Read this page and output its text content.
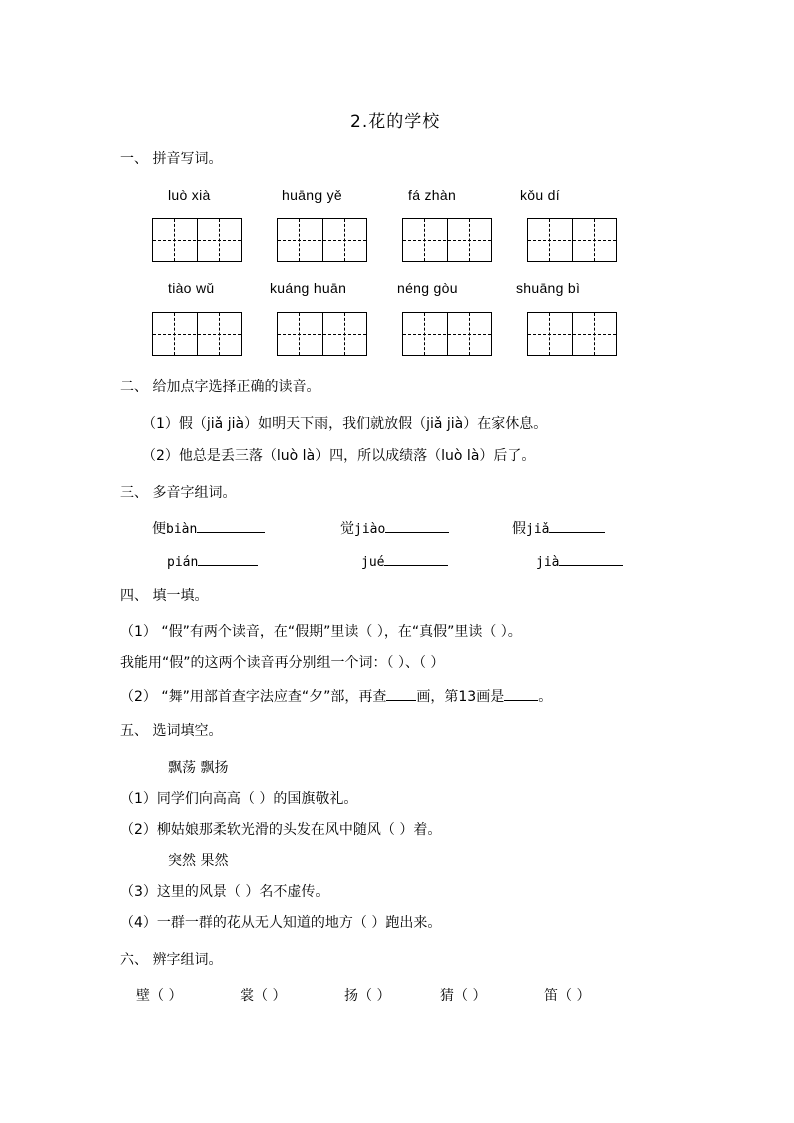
2.花的学校
一、 拼音写词。
luò xià	huāng yě	fá zhàn	kǒu dí
tiào wǔ	kuáng huān	néng gòu	shuāng bì
二、 给加点字选择正确的读音。
（1）假（jiǎ jià）如明天下雨，我们就放假（jiǎ jià）在家休息。
（2）他总是丢三落（luò là）四，所以成绩落（luò là）后了。
三、 多音字组词。
便biàn	觉jiào	假jiǎ
pián	jué	jià
四、 填一填。
（1） “假”有两个读音，在“假期”里读（ ），在“真假”里读（ ）。
我能用“假”的这两个读音再分别组一个词：（ ）、（ ）
（2） “舞”用部首查字法应查“夕”部，再查 画，第13画是 。
五、 选词填空。
飘荡 飘扬
（1）同学们向高高（ ）的国旗敬礼。
（2）柳姑娘那柔软光滑的头发在风中随风（ ）着。
突然 果然
（3）这里的风景（ ）名不虚传。
（4）一群一群的花从无人知道的地方（ ）跑出来。
六、 辨字组词。
壁（ ）	裳（ ）	扬（ ）	猜（ ）	笛（ ）
